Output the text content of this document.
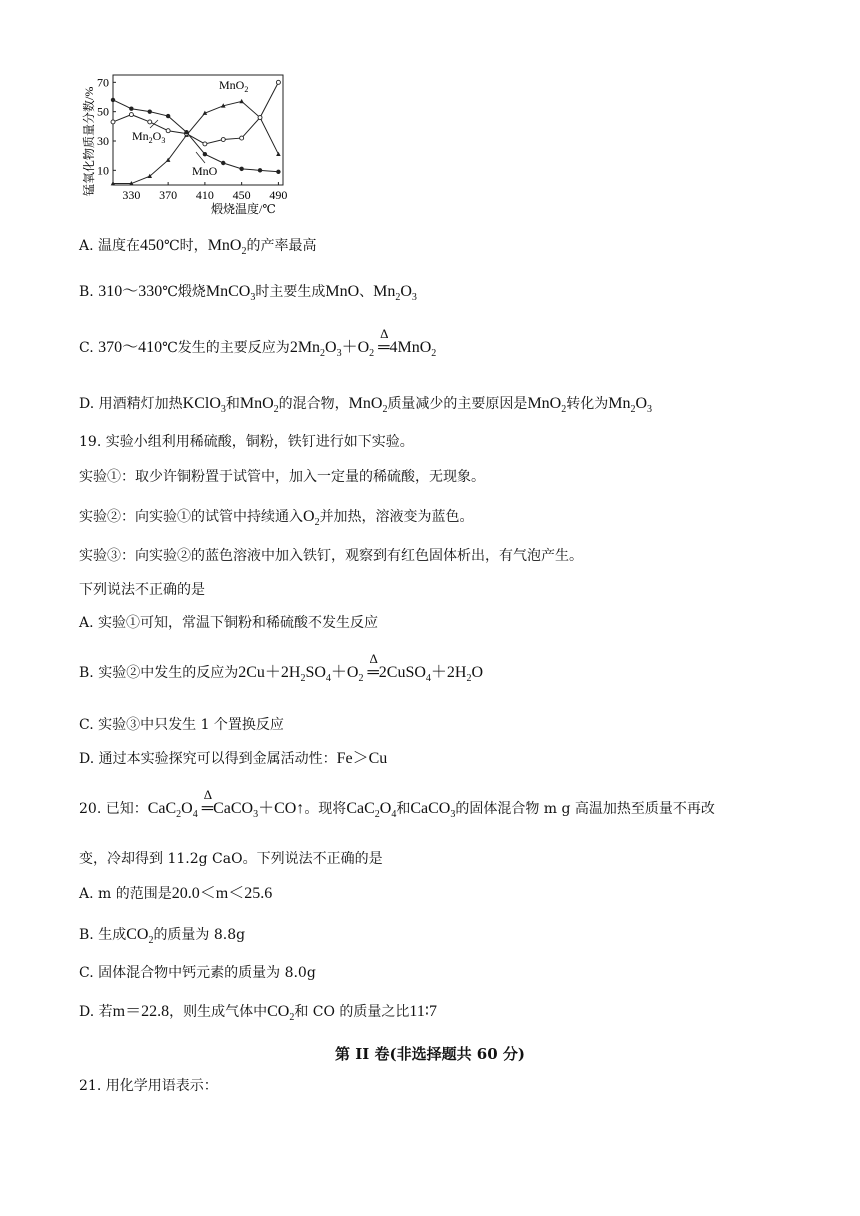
锰氧化物质量分数/% 10
30
50
70
330 370 410 450 490
MnO$_2$
$Mn_2O_3$
MnO
煅烧温度/℃
A. 温度在450℃时，MnO$_2$的产率最高
B. 310～330℃煅烧MnCO$_3$时主要生成MnO、$Mn_2O_3$
C. 370～410℃发生的主要反应为$2Mn_2O_3+O_2$ ═
Δ
4MnO$_2$
D. 用酒精灯加热KClO$_3$和MnO$_2$的混合物，MnO$_2$质量减少的主要原因是MnO$_2$转化为$Mn_2O_3$
19. 实验小组利用稀硫酸，铜粉，铁钉进行如下实验。
实验①：取少许铜粉置于试管中，加入一定量的稀硫酸，无现象。
实验②：向实验①的试管中持续通入$O_2$并加热，溶液变为蓝色。
实验③：向实验②的蓝色溶液中加入铁钉，观察到有红色固体析出，有气泡产生。
下列说法不正确的是
A. 实验①可知，常温下铜粉和稀硫酸不发生反应
B. 实验②中发生的反应为$2Cu+2H_2SO_4+O_2$ ═
Δ
$2CuSO_4+2H_2O$
C. 实验③中只发生 1 个置换反应
D. 通过本实验探究可以得到金属活动性：Fe＞Cu
20. 已知：$CaC_2O_4$ ═
Δ
CaCO$_3$＋CO↑。现将$CaC_2O_4$和CaCO$_3$的固体混合物 m g 高温加热至质量不再改
变，冷却得到 11.2g CaO。下列说法不正确的是
A. m 的范围是20.0＜m＜25.6
B. 生成$CO_2$的质量为 8.8g
C. 固体混合物中钙元素的质量为 8.0g
D. 若m＝22.8，则生成气体中$CO_2$和 CO 的质量之比11∶7
第 II 卷(非选择题共 60 分)
21. 用化学用语表示：
